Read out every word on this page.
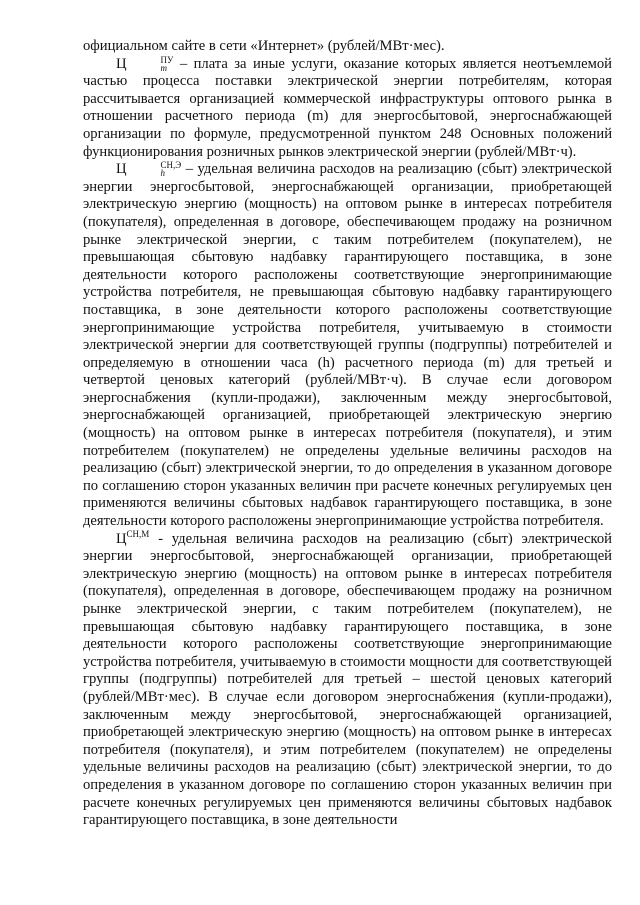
официальном сайте в сети «Интернет» (рублей/МВт·мес).

Ц	ПУ
m – плата за иные услуги, оказание которых является неотъемлемой частью процесса поставки электрической энергии потребителям, которая рассчитывается организацией коммерческой инфраструктуры оптового рынка в отношении расчетного периода (m) для энергосбытовой, энергоснабжающей организации по формуле, предусмотренной пунктом 248 Основных положений функционирования розничных рынков электрической энергии (рублей/МВт·ч).

Ц	СН,Э
h	– удельная величина расходов на реализацию (сбыт) электрической энергии энергосбытовой, энергоснабжающей организации, приобретающей электрическую энергию (мощность) на оптовом рынке в интересах потребителя (покупателя), определенная в договоре, обеспечивающем продажу на розничном рынке электрической энергии, с таким потребителем (покупателем), не превышающая сбытовую надбавку гарантирующего поставщика, в зоне деятельности которого расположены соответствующие энергопринимающие устройства потребителя, не превышающая сбытовую надбавку гарантирующего поставщика, в зоне деятельности которого расположены соответствующие энергопринимающие устройства потребителя, учитываемую в стоимости электрической энергии для соответствующей группы (подгруппы) потребителей и определяемую в отношении часа (h) расчетного периода (m) для третьей и четвертой ценовых категорий (рублей/МВт·ч). В случае если договором энергоснабжения (купли-продажи), заключенным между энергосбытовой, энергоснабжающей организацией, приобретающей электрическую энергию (мощность) на оптовом рынке в интересах потребителя (покупателя), и этим потребителем (покупателем) не определены удельные величины расходов на реализацию (сбыт) электрической энергии, то до определения в указанном договоре по соглашению сторон указанных величин при расчете конечных регулируемых цен применяются величины сбытовых надбавок гарантирующего поставщика, в зоне деятельности которого расположены энергопринимающие устройства потребителя.

$Ц^{СН,М}$ - удельная величина расходов на реализацию (сбыт) электрической энергии энергосбытовой, энергоснабжающей организации, приобретающей электрическую энергию (мощность) на оптовом рынке в интересах потребителя (покупателя), определенная в договоре, обеспечивающем продажу на розничном рынке электрической энергии, с таким потребителем (покупателем), не превышающая сбытовую надбавку гарантирующего поставщика, в зоне деятельности которого расположены соответствующие энергопринимающие устройства потребителя, учитываемую в стоимости мощности для соответствующей группы (подгруппы) потребителей для третьей – шестой ценовых категорий (рублей/МВт·мес). В случае если договором энергоснабжения (купли-продажи), заключенным между энергосбытовой, энергоснабжающей организацией, приобретающей электрическую энергию (мощность) на оптовом рынке в интересах потребителя (покупателя), и этим потребителем (покупателем) не определены удельные величины расходов на реализацию (сбыт) электрической энергии, то до определения в указанном договоре по соглашению сторон указанных величин при расчете конечных регулируемых цен применяются величины сбытовых надбавок гарантирующего поставщика, в зоне деятельности
